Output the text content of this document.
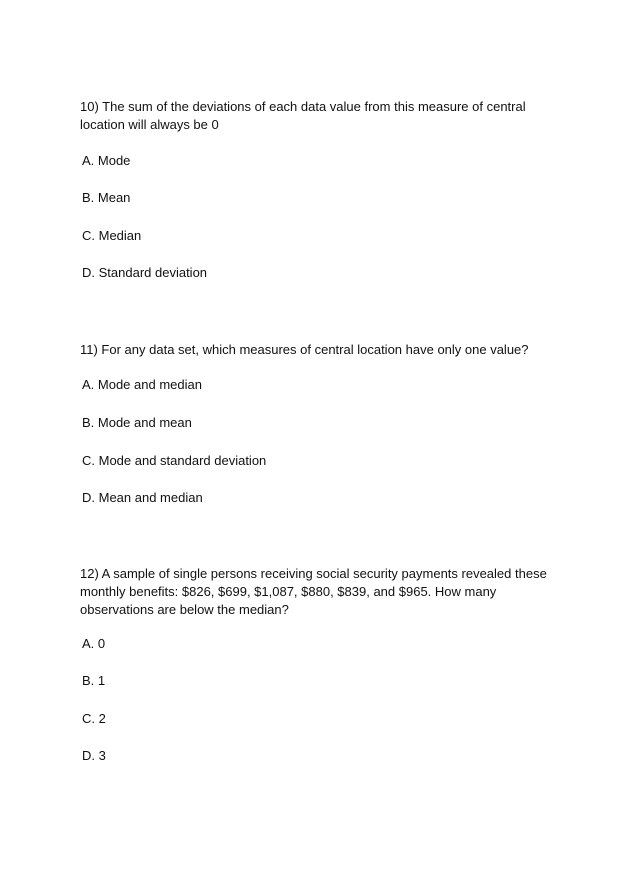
10) The sum of the deviations of each data value from this measure of central location will always be 0

A. Mode

B. Mean

C. Median

D. Standard deviation

11) For any data set, which measures of central location have only one value?

A. Mode and median

B. Mode and mean

C. Mode and standard deviation

D. Mean and median

12) A sample of single persons receiving social security payments revealed these monthly benefits: $826, $699, $1,087, $880, $839, and $965. How many observations are below the median?

A. 0

B. 1

C. 2

D. 3
